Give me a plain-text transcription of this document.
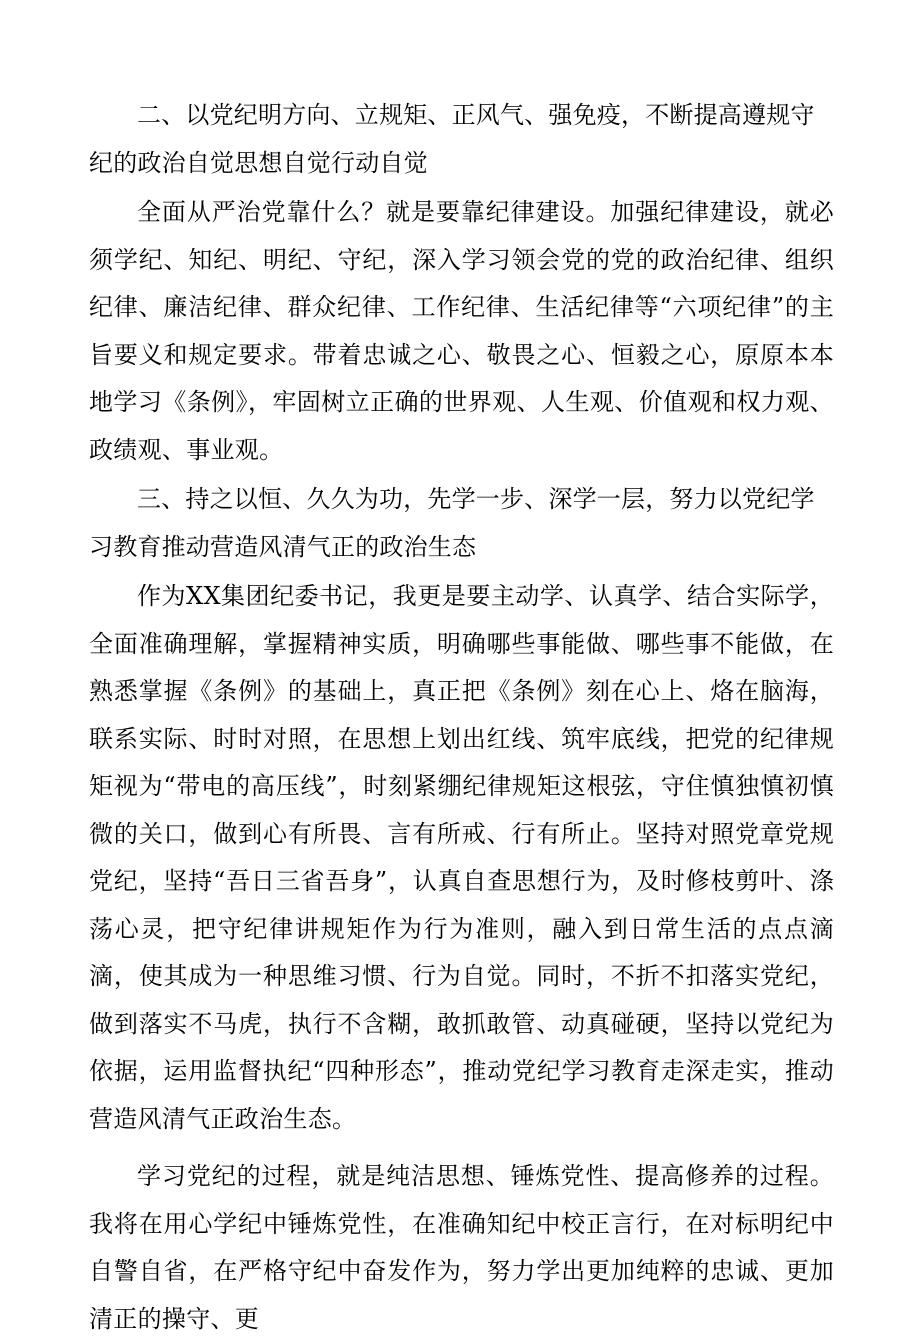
二、以党纪明方向、立规矩、正风气、强免疫，不断提高遵规守纪的政治自觉思想自觉行动自觉

全面从严治党靠什么？就是要靠纪律建设。加强纪律建设，就必须学纪、知纪、明纪、守纪，深入学习领会党的党的政治纪律、组织纪律、廉洁纪律、群众纪律、工作纪律、生活纪律等“六项纪律”的主旨要义和规定要求。带着忠诚之心、敬畏之心、恒毅之心，原原本本地学习《条例》，牢固树立正确的世界观、人生观、价值观和权力观、政绩观、事业观。

三、持之以恒、久久为功，先学一步、深学一层，努力以党纪学习教育推动营造风清气正的政治生态

作为XX集团纪委书记，我更是要主动学、认真学、结合实际学，全面准确理解，掌握精神实质，明确哪些事能做、哪些事不能做，在熟悉掌握《条例》的基础上，真正把《条例》刻在心上、烙在脑海，联系实际、时时对照，在思想上划出红线、筑牢底线，把党的纪律规矩视为“带电的高压线”，时刻紧绷纪律规矩这根弦，守住慎独慎初慎微的关口，做到心有所畏、言有所戒、行有所止。坚持对照党章党规党纪，坚持“吾日三省吾身”，认真自查思想行为，及时修枝剪叶、涤荡心灵，把守纪律讲规矩作为行为准则，融入到日常生活的点点滴滴，使其成为一种思维习惯、行为自觉。同时，不折不扣落实党纪，做到落实不马虎，执行不含糊，敢抓敢管、动真碰硬，坚持以党纪为依据，运用监督执纪“四种形态”，推动党纪学习教育走深走实，推动营造风清气正政治生态。

学习党纪的过程，就是纯洁思想、锤炼党性、提高修养的过程。我将在用心学纪中锤炼党性，在准确知纪中校正言行，在对标明纪中自警自省，在严格守纪中奋发作为，努力学出更加纯粹的忠诚、更加清正的操守、更
